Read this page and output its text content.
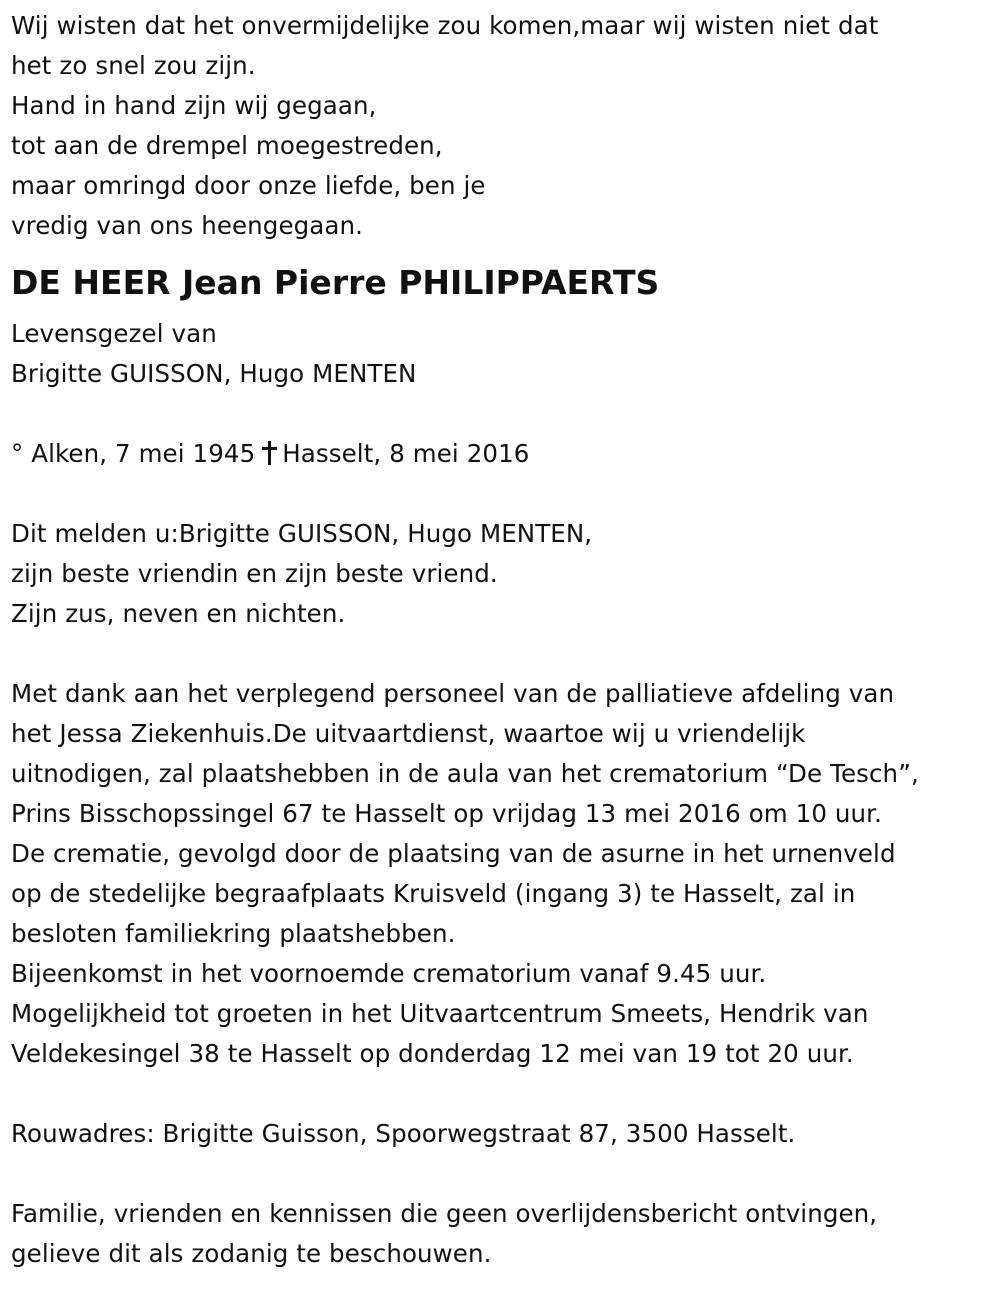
Wij wisten dat het onvermijdelijke zou komen,maar wij wisten niet dat
het zo snel zou zijn.
Hand in hand zijn wij gegaan,
tot aan de drempel moegestreden,
maar omringd door onze liefde, ben je
vredig van ons heengegaan.
DE HEER Jean Pierre PHILIPPAERTS
Levensgezel van
Brigitte GUISSON, Hugo MENTEN
° Alken, 7 mei 1945 Hasselt, 8 mei 2016
Dit melden u:Brigitte GUISSON, Hugo MENTEN,
zijn beste vriendin en zijn beste vriend.
Zijn zus, neven en nichten.
Met dank aan het verplegend personeel van de palliatieve afdeling van
het Jessa Ziekenhuis.De uitvaartdienst, waartoe wij u vriendelijk
uitnodigen, zal plaatshebben in de aula van het crematorium “De Tesch”,
Prins Bisschopssingel 67 te Hasselt op vrijdag 13 mei 2016 om 10 uur.
De crematie, gevolgd door de plaatsing van de asurne in het urnenveld
op de stedelijke begraafplaats Kruisveld (ingang 3) te Hasselt, zal in
besloten familiekring plaatshebben.
Bijeenkomst in het voornoemde crematorium vanaf 9.45 uur.
Mogelijkheid tot groeten in het Uitvaartcentrum Smeets, Hendrik van
Veldekesingel 38 te Hasselt op donderdag 12 mei van 19 tot 20 uur.
Rouwadres: Brigitte Guisson, Spoorwegstraat 87, 3500 Hasselt.
Familie, vrienden en kennissen die geen overlijdensbericht ontvingen,
gelieve dit als zodanig te beschouwen.
